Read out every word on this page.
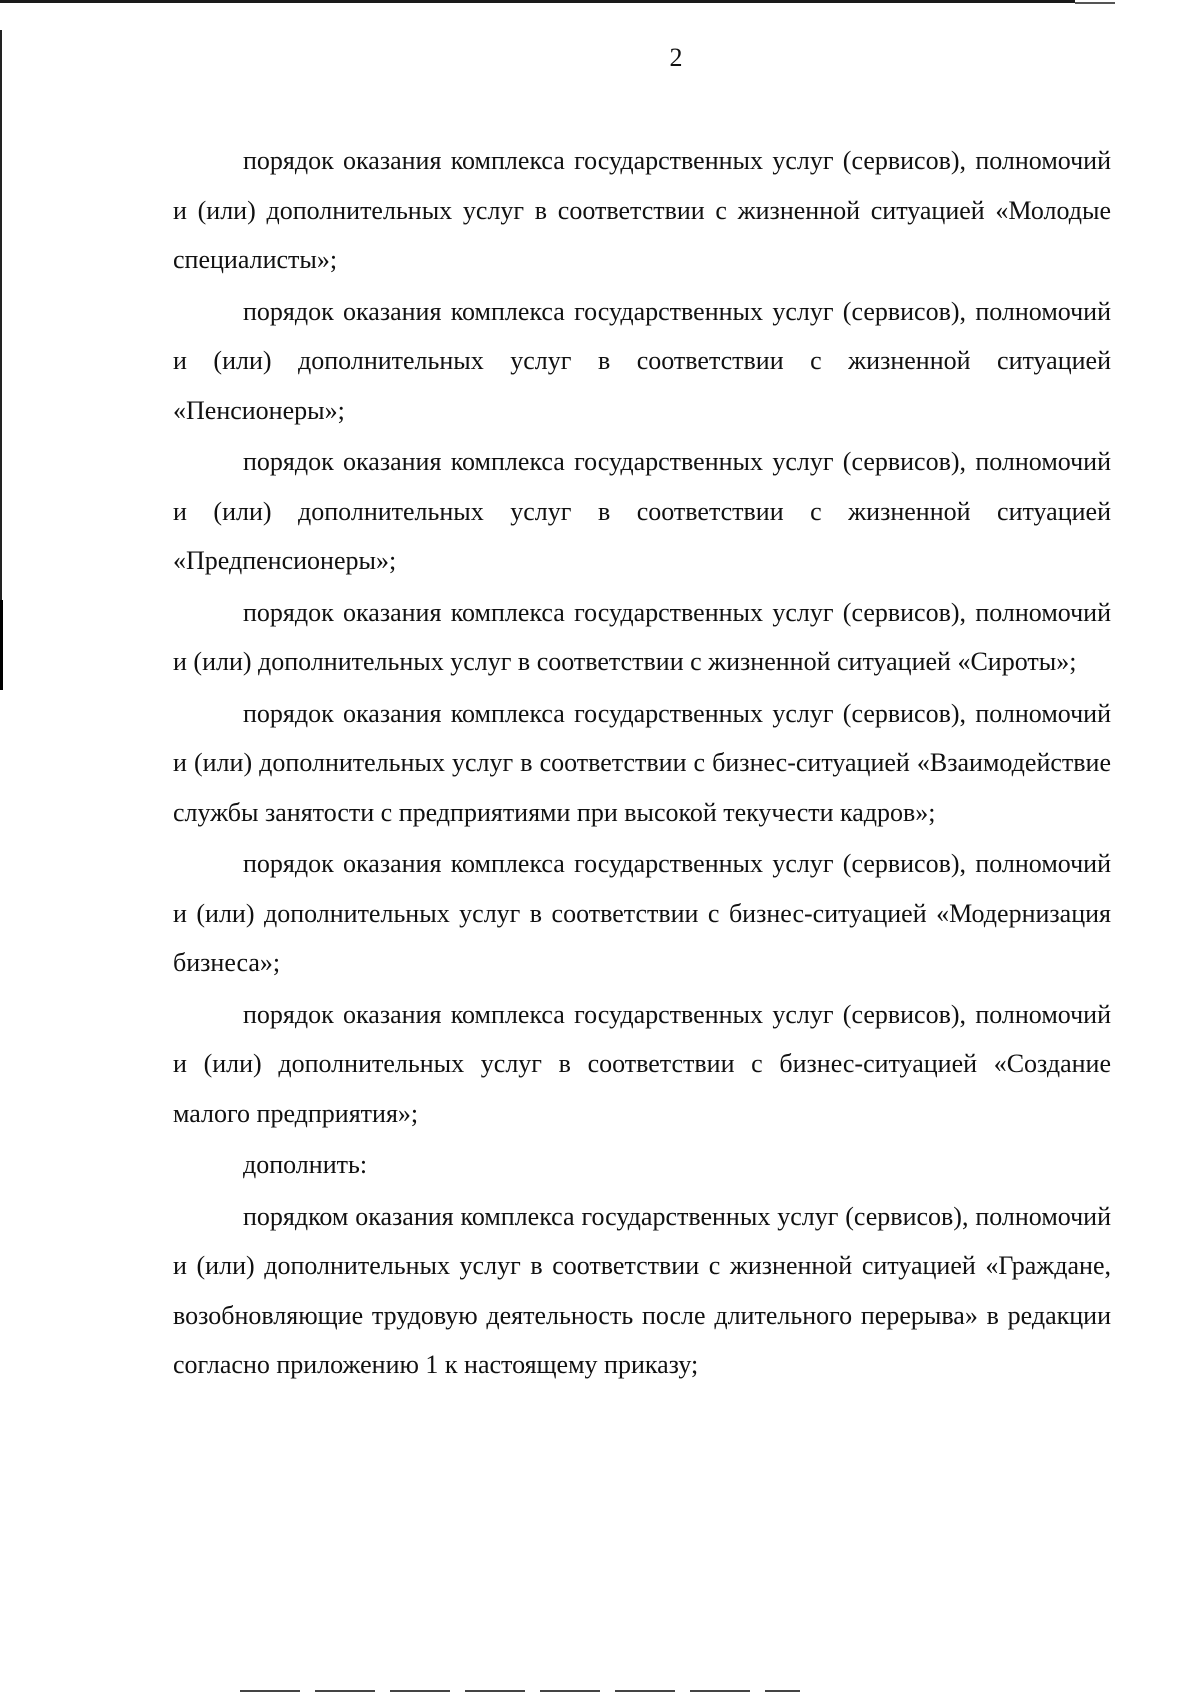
2

порядок оказания комплекса государственных услуг (сервисов), полномочий и (или) дополнительных услуг в соответствии с жизненной ситуацией «Молодые специалисты»;

порядок оказания комплекса государственных услуг (сервисов), полномочий и (или) дополнительных услуг в соответствии с жизненной ситуацией «Пенсионеры»;

порядок оказания комплекса государственных услуг (сервисов), полномочий и (или) дополнительных услуг в соответствии с жизненной ситуацией «Предпенсионеры»;

порядок оказания комплекса государственных услуг (сервисов), полномочий и (или) дополнительных услуг в соответствии с жизненной ситуацией «Сироты»;

порядок оказания комплекса государственных услуг (сервисов), полномочий и (или) дополнительных услуг в соответствии с бизнес-ситуацией «Взаимодействие службы занятости с предприятиями при высокой текучести кадров»;

порядок оказания комплекса государственных услуг (сервисов), полномочий и (или) дополнительных услуг в соответствии с бизнес-ситуацией «Модернизация бизнеса»;

порядок оказания комплекса государственных услуг (сервисов), полномочий и (или) дополнительных услуг в соответствии с бизнес-ситуацией «Создание малого предприятия»;

дополнить:

порядком оказания комплекса государственных услуг (сервисов), полномочий и (или) дополнительных услуг в соответствии с жизненной ситуацией «Граждане, возобновляющие трудовую деятельность после длительного перерыва» в редакции согласно приложению 1 к настоящему приказу;
